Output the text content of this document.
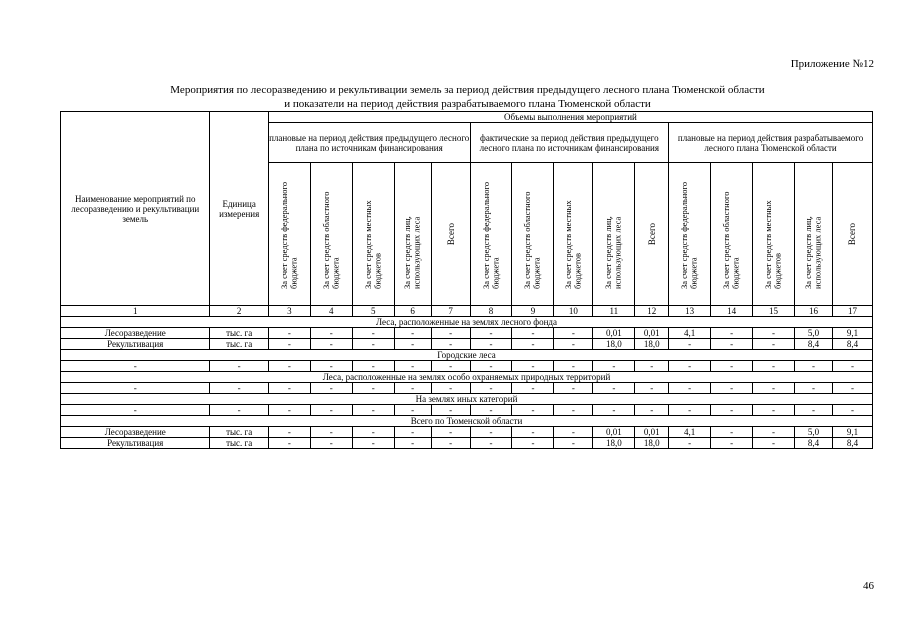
Приложение №12
Мероприятия по лесоразведению и рекультивации земель за период действия предыдущего лесного плана Тюменской области
и показатели на период действия разрабатываемого плана Тюменской области
Наименование мероприятий по лесоразведению и рекультивации земель	Единица измерения	Объемы выполнения мероприятий														
		плановые на период действия предыдущего лесного плана по источникам финансирования					фактические за период действия предыдущего лесного плана по источникам финансирования					плановые на период действия разрабатываемого лесного плана Тюменской области				

		За счет средств федерального бюджета	За счет средств областного бюджета	За счет средств местных бюджетов	За счет средств лиц, использующих леса	Всего	За счет средств федерального бюджета	За счет средств областного бюджета	За счет средств местных бюджетов	За счет средств лиц, использующих леса	Всего	За счет средств федерального бюджета	За счет средств областного бюджета	За счет средств местных бюджетов	За счет средств лиц, использующих леса	Всего

1	2	3	4	5	6	7	8	9	10	11	12	13	14	15	16	17
Леса, расположенные на землях лесного фонда																
Лесоразведение	тыс. га	-	-	-	-	-	-	-	-	0,01	0,01	4,1	-	-	5,0	9,1
Рекультивация	тыс. га	-	-	-	-	-	-	-	-	18,0	18,0	-	-	-	8,4	8,4
Городские леса																
-	-	-	-	-	-	-	-	-	-	-	-	-	-	-	-	-
Леса, расположенные на землях особо охраняемых природных территорий																
-	-	-	-	-	-	-	-	-	-	-	-	-	-	-	-	-
На землях иных категорий																
-	-	-	-	-	-	-	-	-	-	-	-	-	-	-	-	-
Всего по Тюменской области																
Лесоразведение	тыс. га	-	-	-	-	-	-	-	-	0,01	0,01	4,1	-	-	5,0	9,1
Рекультивация	тыс. га	-	-	-	-	-	-	-	-	18,0	18,0	-	-	-	8,4	8,4
46
